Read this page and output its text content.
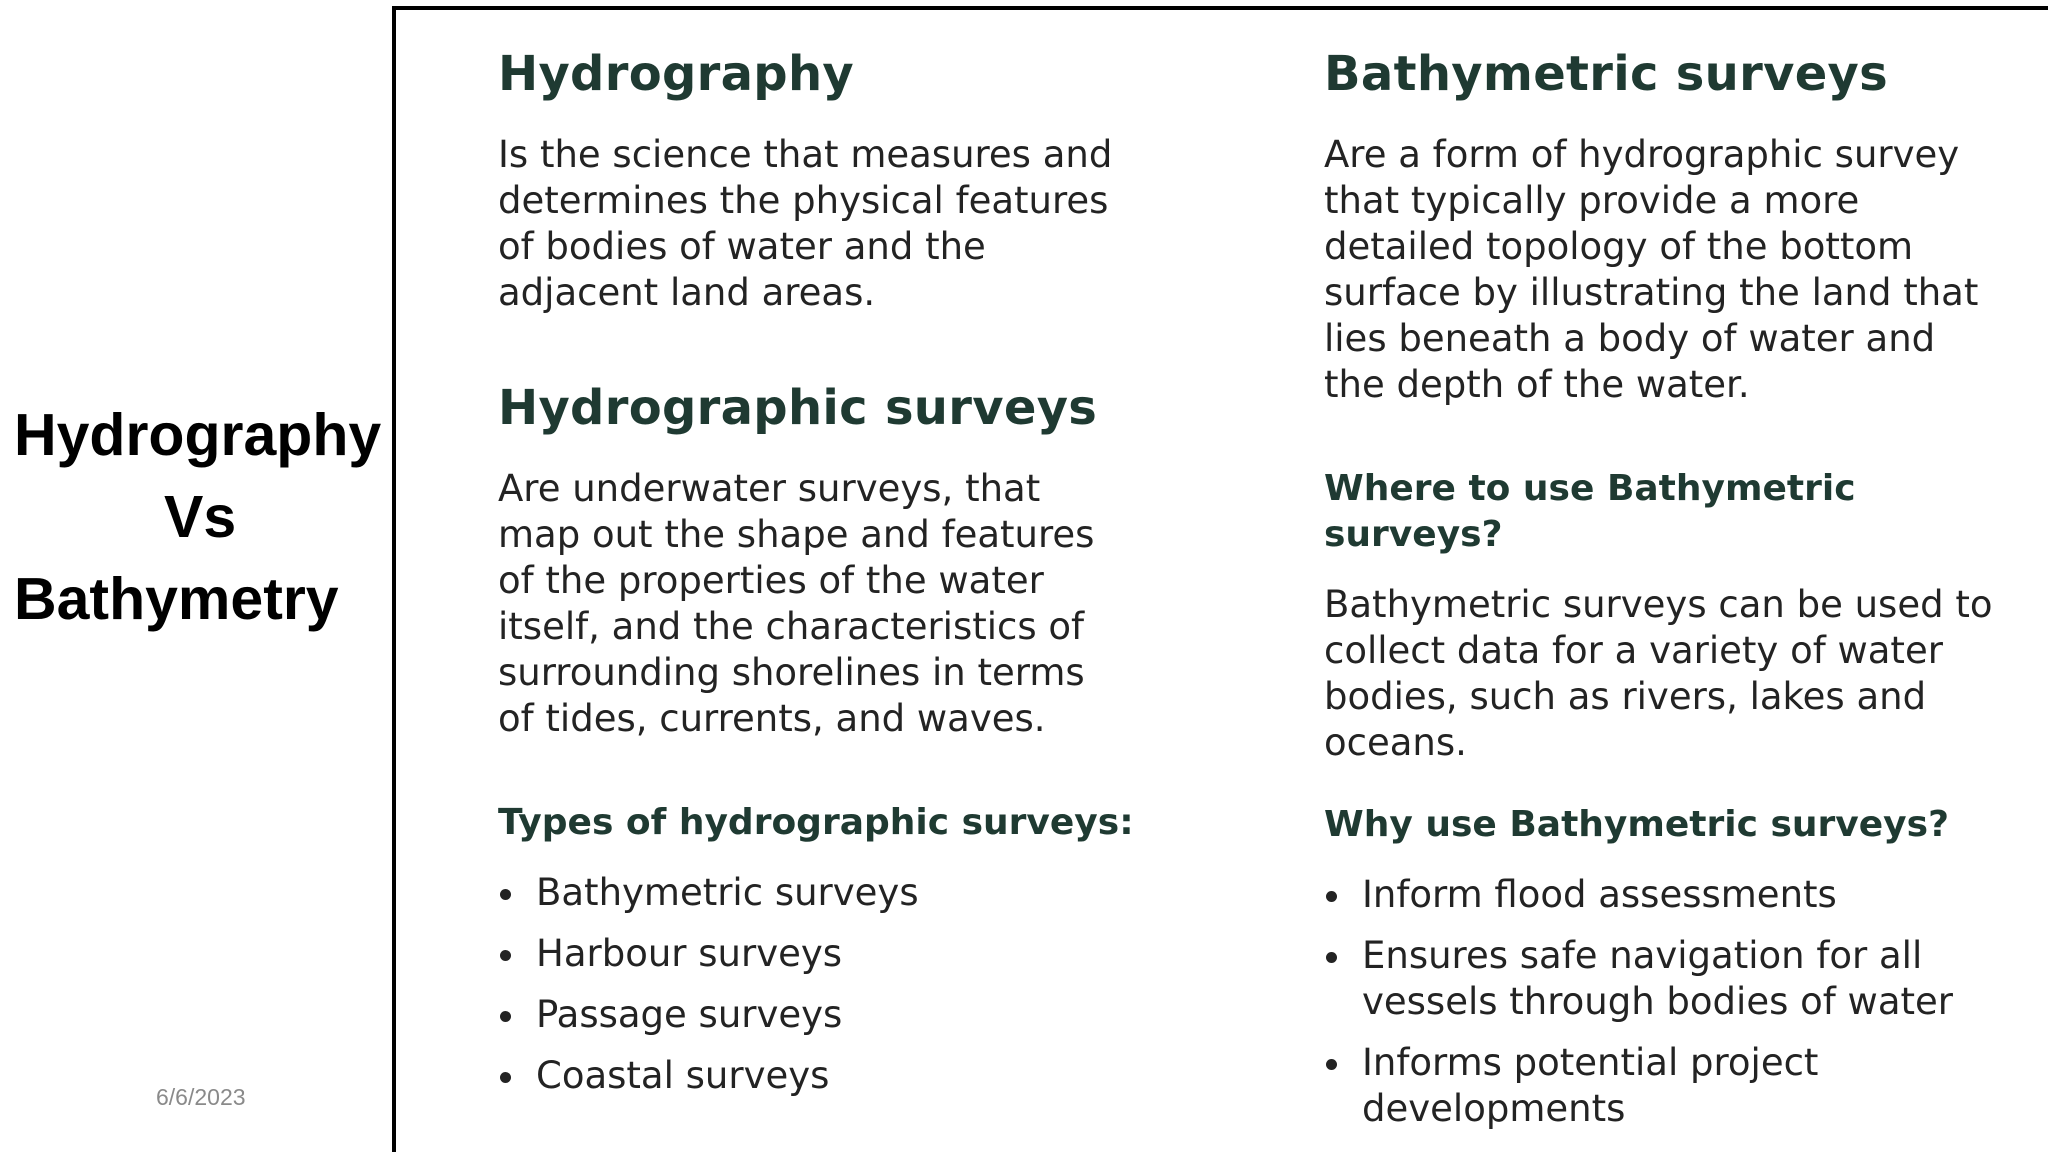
Hydrography
Vs
Bathymetry
6/6/2023
Hydrography

Is the science that measures and determines the physical features of bodies of water and the adjacent land areas.

Hydrographic surveys

Are underwater surveys, that map out the shape and features of the properties of the water itself, and the characteristics of surrounding shorelines in terms of tides, currents, and waves.

Types of hydrographic surveys:
Bathymetric surveys
Harbour surveys
Passage surveys
Coastal surveys
Bathymetric surveys

Are a form of hydrographic survey that typically provide a more detailed topology of the bottom surface by illustrating the land that lies beneath a body of water and the depth of the water.

Where to use Bathymetric surveys?

Bathymetric surveys can be used to collect data for a variety of water bodies, such as rivers, lakes and oceans.

Why use Bathymetric surveys?
Inform flood assessments
Ensures safe navigation for all vessels through bodies of water
Informs potential project developments
